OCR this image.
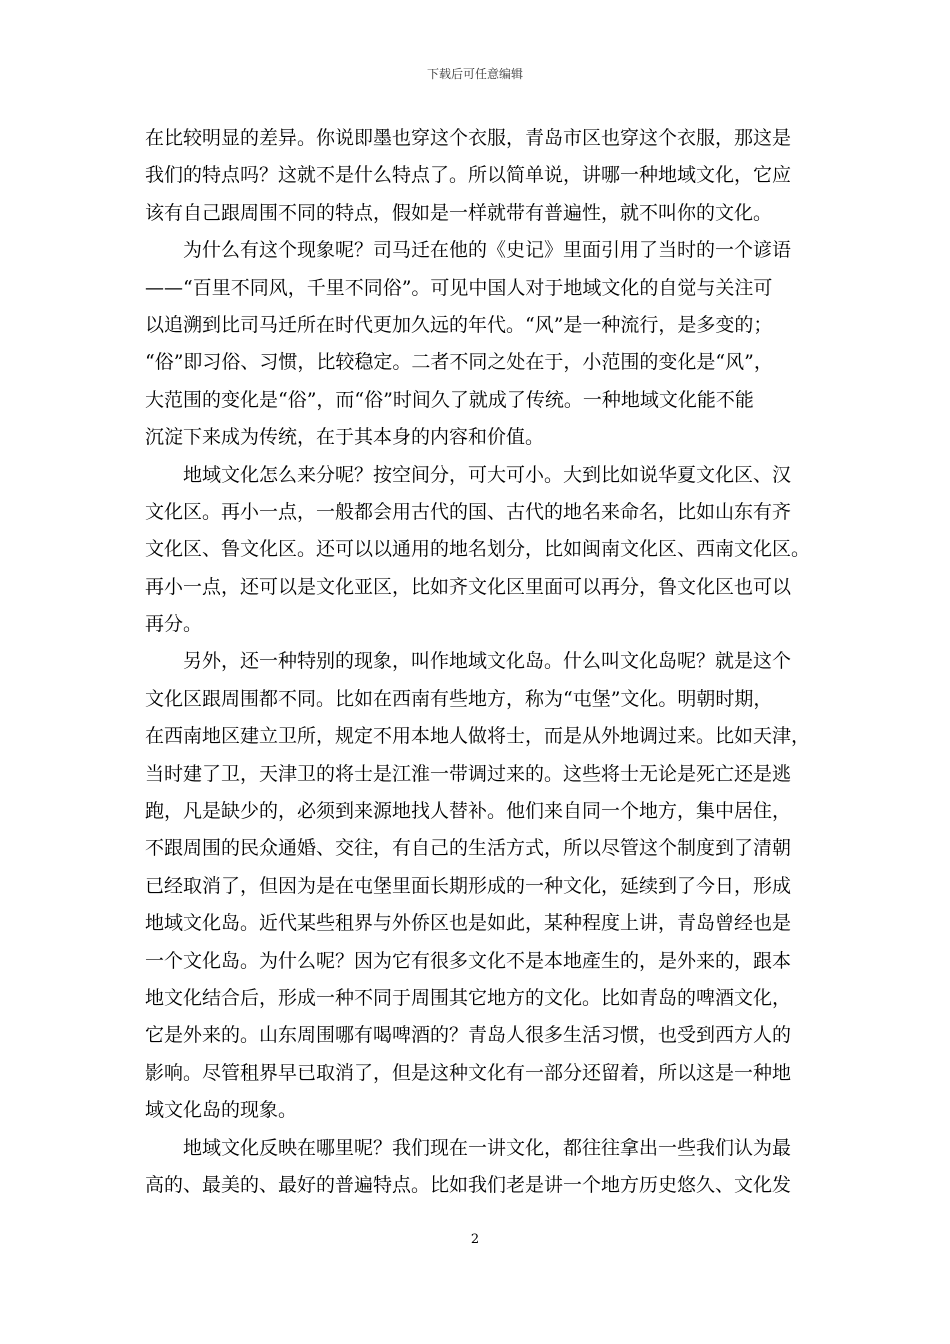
下载后可任意编辑
在比较明显的差异。你说即墨也穿这个衣服，青岛市区也穿这个衣服，那这是
我们的特点吗？这就不是什么特点了。所以简单说，讲哪一种地域文化，它应
该有自己跟周围不同的特点，假如是一样就带有普遍性，就不叫你的文化。
为什么有这个现象呢？司马迁在他的《史记》里面引用了当时的一个谚语
——“百里不同风，千里不同俗”。可见中国人对于地域文化的自觉与关注可
以追溯到比司马迁所在时代更加久远的年代。“风”是一种流行，是多变的；
“俗”即习俗、习惯，比较稳定。二者不同之处在于，小范围的变化是“风”，
大范围的变化是“俗”，而“俗”时间久了就成了传统。一种地域文化能不能
沉淀下来成为传统，在于其本身的内容和价值。
地域文化怎么来分呢？按空间分，可大可小。大到比如说华夏文化区、汉
文化区。再小一点，一般都会用古代的国、古代的地名来命名，比如山东有齐
文化区、鲁文化区。还可以以通用的地名划分，比如闽南文化区、西南文化区。
再小一点，还可以是文化亚区，比如齐文化区里面可以再分，鲁文化区也可以
再分。
另外，还一种特别的现象，叫作地域文化岛。什么叫文化岛呢？就是这个
文化区跟周围都不同。比如在西南有些地方，称为“屯堡”文化。明朝时期，
在西南地区建立卫所，规定不用本地人做将士，而是从外地调过来。比如天津，
当时建了卫，天津卫的将士是江淮一带调过来的。这些将士无论是死亡还是逃
跑，凡是缺少的，必须到来源地找人替补。他们来自同一个地方，集中居住，
不跟周围的民众通婚、交往，有自己的生活方式，所以尽管这个制度到了清朝
已经取消了，但因为是在屯堡里面长期形成的一种文化，延续到了今日，形成
地域文化岛。近代某些租界与外侨区也是如此，某种程度上讲，青岛曾经也是
一个文化岛。为什么呢？因为它有很多文化不是本地產生的，是外来的，跟本
地文化结合后，形成一种不同于周围其它地方的文化。比如青岛的啤酒文化，
它是外来的。山东周围哪有喝啤酒的？青岛人很多生活习惯，也受到西方人的
影响。尽管租界早已取消了，但是这种文化有一部分还留着，所以这是一种地
域文化岛的现象。
地域文化反映在哪里呢？我们现在一讲文化，都往往拿出一些我们认为最
高的、最美的、最好的普遍特点。比如我们老是讲一个地方历史悠久、文化发
2
